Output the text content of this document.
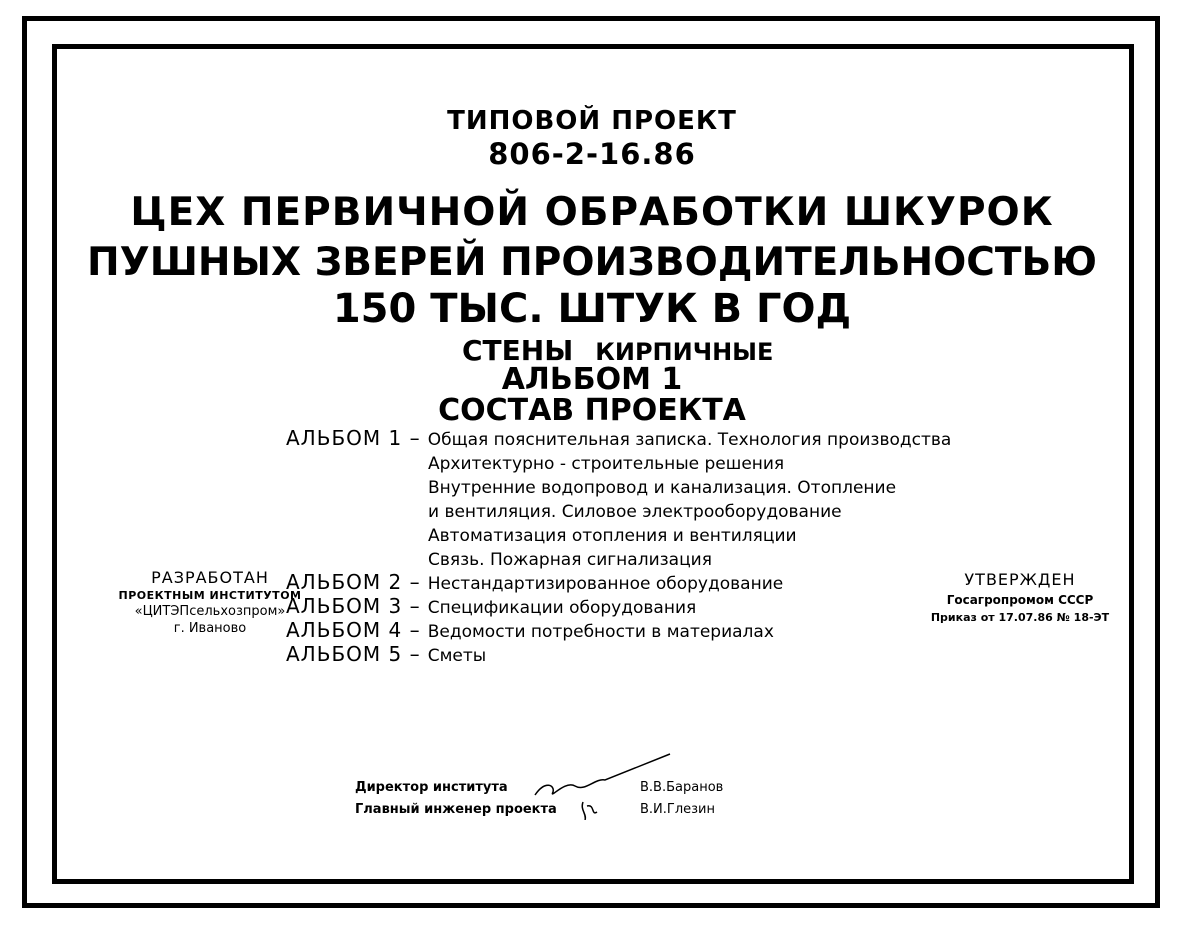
ТИПОВОЙ ПРОЕКТ
806-2-16.86
ЦЕХ ПЕРВИЧНОЙ ОБРАБОТКИ ШКУРОК
ПУШНЫХ ЗВЕРЕЙ ПРОИЗВОДИТЕЛЬНОСТЬЮ
150 ТЫС. ШТУК В ГОД
СТЕНЫ КИРПИЧНЫЕ
АЛЬБОМ 1
СОСТАВ ПРОЕКТА
АЛЬБОМ 1 – Общая пояснительная записка. Технология производства
Архитектурно - строительные решения
Внутренние водопровод и канализация. Отопление
и вентиляция. Силовое электрооборудование
Автоматизация отопления и вентиляции
Связь. Пожарная сигнализация
АЛЬБОМ 2 – Нестандартизированное оборудование
АЛЬБОМ 3 – Спецификации оборудования
АЛЬБОМ 4 – Ведомости потребности в материалах
АЛЬБОМ 5 – Сметы
РАЗРАБОТАН
ПРОЕКТНЫМ ИНСТИТУТОМ
«ЦИТЭПсельхозпром»
г. Иваново
УТВЕРЖДЕН
Госагропромом СССР
Приказ от 17.07.86 № 18-ЭТ
Директор института	В.В.Баранов
Главный инженер проекта	В.И.Глезин
